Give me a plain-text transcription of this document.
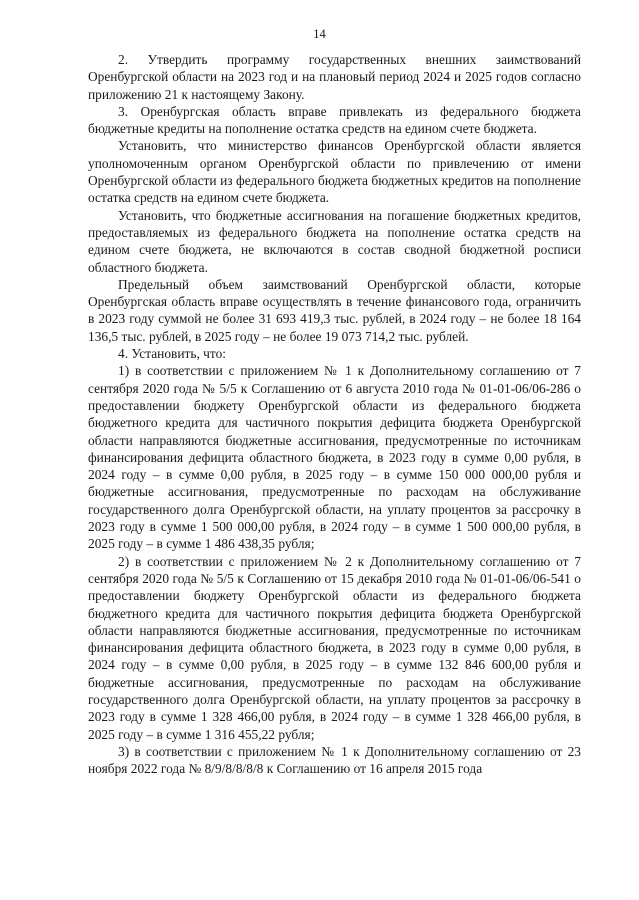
14

2. Утвердить программу государственных внешних заимствований Оренбургской области на 2023 год и на плановый период 2024 и 2025 годов согласно приложению 21 к настоящему Закону.

3. Оренбургская область вправе привлекать из федерального бюджета бюджетные кредиты на пополнение остатка средств на едином счете бюджета.

Установить, что министерство финансов Оренбургской области является уполномоченным органом Оренбургской области по привлечению от имени Оренбургской области из федерального бюджета бюджетных кредитов на пополнение остатка средств на едином счете бюджета.

Установить, что бюджетные ассигнования на погашение бюджетных кредитов, предоставляемых из федерального бюджета на пополнение остатка средств на едином счете бюджета, не включаются в состав сводной бюджетной росписи областного бюджета.

Предельный объем заимствований Оренбургской области, которые Оренбургская область вправе осуществлять в течение финансового года, ограничить в 2023 году суммой не более 31 693 419,3 тыс. рублей, в 2024 году – не более 18 164 136,5 тыс. рублей, в 2025 году – не более 19 073 714,2 тыс. рублей.

4. Установить, что:

1) в соответствии с приложением № 1 к Дополнительному соглашению от 7 сентября 2020 года № 5/5 к Соглашению от 6 августа 2010 года № 01-01-06/06-286 о предоставлении бюджету Оренбургской области из федерального бюджета бюджетного кредита для частичного покрытия дефицита бюджета Оренбургской области направляются бюджетные ассигнования, предусмотренные по источникам финансирования дефицита областного бюджета, в 2023 году в сумме 0,00 рубля, в 2024 году – в сумме 0,00 рубля, в 2025 году – в сумме 150 000 000,00 рубля и бюджетные ассигнования, предусмотренные по расходам на обслуживание государственного долга Оренбургской области, на уплату процентов за рассрочку в 2023 году в сумме 1 500 000,00 рубля, в 2024 году – в сумме 1 500 000,00 рубля, в 2025 году – в сумме 1 486 438,35 рубля;

2) в соответствии с приложением № 2 к Дополнительному соглашению от 7 сентября 2020 года № 5/5 к Соглашению от 15 декабря 2010 года № 01-01-06/06-541 о предоставлении бюджету Оренбургской области из федерального бюджета бюджетного кредита для частичного покрытия дефицита бюджета Оренбургской области направляются бюджетные ассигнования, предусмотренные по источникам финансирования дефицита областного бюджета, в 2023 году в сумме 0,00 рубля, в 2024 году – в сумме 0,00 рубля, в 2025 году – в сумме 132 846 600,00 рубля и бюджетные ассигнования, предусмотренные по расходам на обслуживание государственного долга Оренбургской области, на уплату процентов за рассрочку в 2023 году в сумме 1 328 466,00 рубля, в 2024 году – в сумме 1 328 466,00 рубля, в 2025 году – в сумме 1 316 455,22 рубля;

3) в соответствии с приложением № 1 к Дополнительному соглашению от 23 ноября 2022 года № 8/9/8/8/8/8 к Соглашению от 16 апреля 2015 года
